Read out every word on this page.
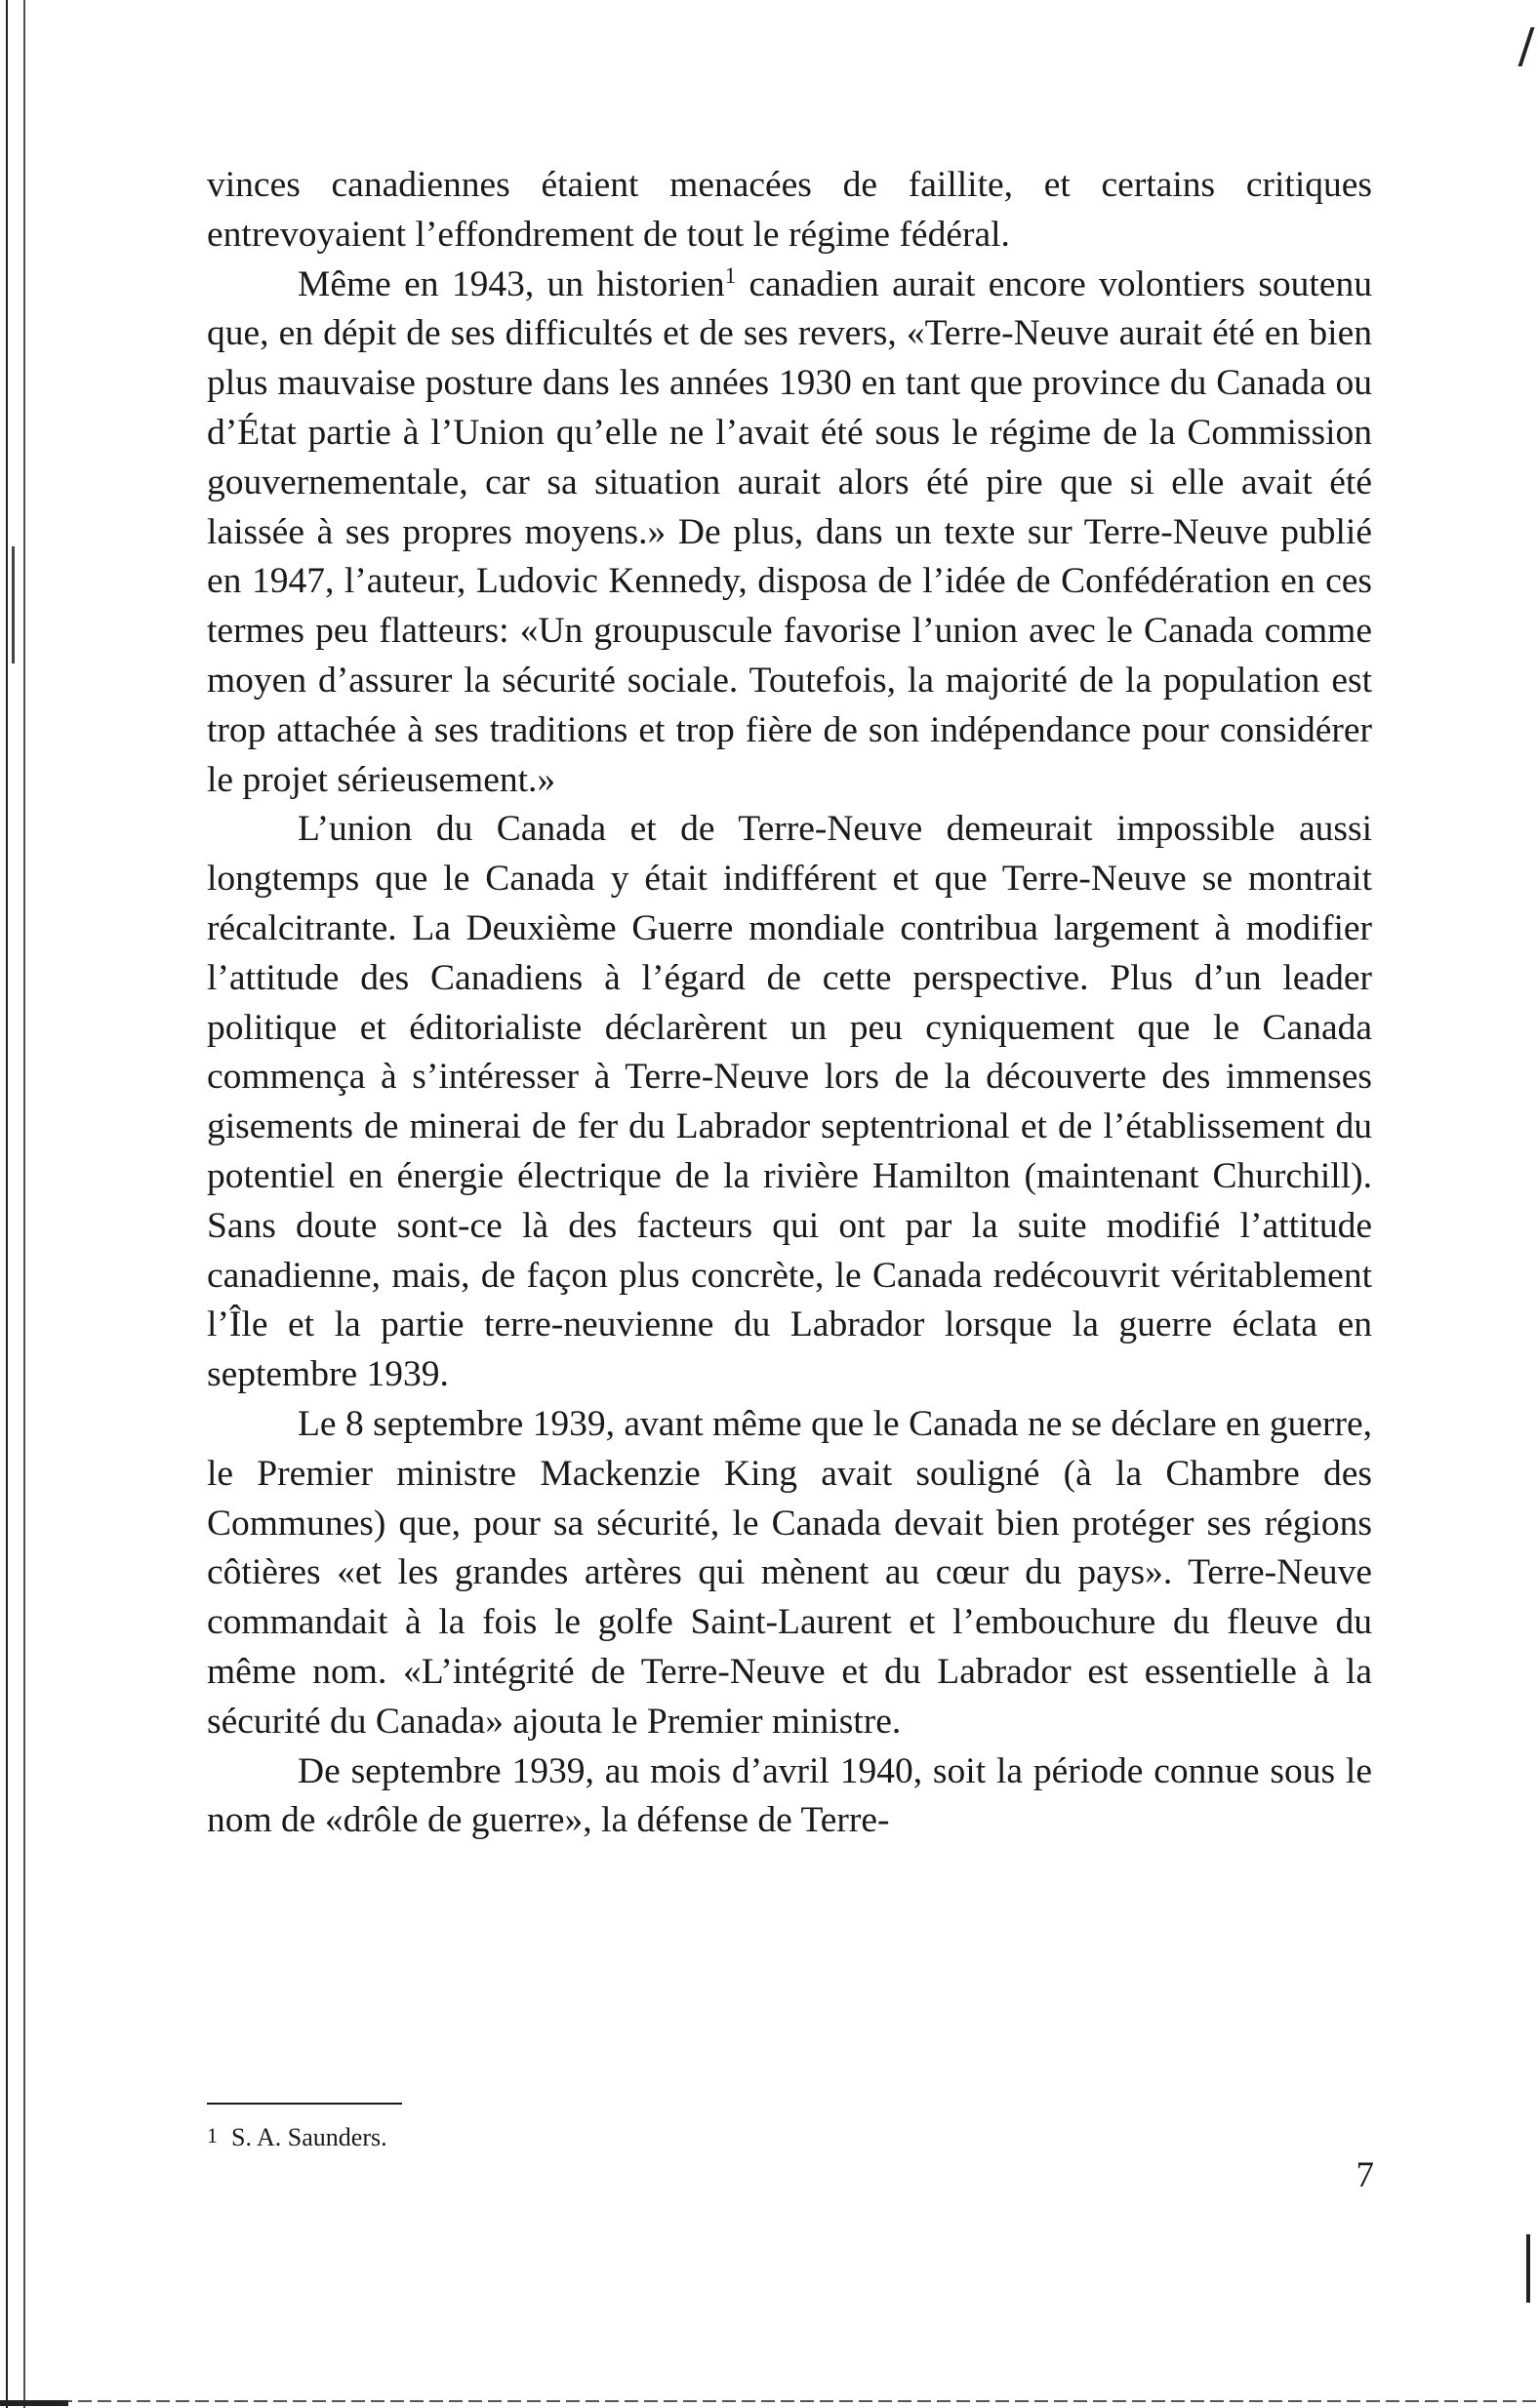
vinces canadiennes étaient menacées de faillite, et certains critiques entrevoyaient l’effondrement de tout le régime fédéral.

Même en 1943, un historien$^1$ canadien aurait encore volontiers soutenu que, en dépit de ses difficultés et de ses revers, «Terre-Neuve aurait été en bien plus mauvaise posture dans les années 1930 en tant que province du Canada ou d’État partie à l’Union qu’elle ne l’avait été sous le régime de la Commission gouvernementale, car sa situation aurait alors été pire que si elle avait été laissée à ses propres moyens.» De plus, dans un texte sur Terre-Neuve publié en 1947, l’auteur, Ludovic Kennedy, disposa de l’idée de Confédération en ces termes peu flatteurs: «Un groupuscule favorise l’union avec le Canada comme moyen d’assurer la sécurité sociale. Toutefois, la majorité de la population est trop attachée à ses traditions et trop fière de son indépendance pour considérer le projet sérieusement.»

L’union du Canada et de Terre-Neuve demeurait impossible aussi longtemps que le Canada y était indifférent et que Terre-Neuve se montrait récalcitrante. La Deuxième Guerre mondiale contribua largement à modifier l’attitude des Canadiens à l’égard de cette perspective. Plus d’un leader politique et éditorialiste déclarèrent un peu cyniquement que le Canada commença à s’intéresser à Terre-Neuve lors de la découverte des immenses gisements de minerai de fer du Labrador septentrional et de l’établissement du potentiel en énergie électrique de la rivière Hamilton (maintenant Churchill). Sans doute sont-ce là des facteurs qui ont par la suite modifié l’attitude canadienne, mais, de façon plus concrète, le Canada redécouvrit véritablement l’Île et la partie terre-neuvienne du Labrador lorsque la guerre éclata en septembre 1939.

Le 8 septembre 1939, avant même que le Canada ne se déclare en guerre, le Premier ministre Mackenzie King avait souligné (à la Chambre des Communes) que, pour sa sécurité, le Canada devait bien protéger ses régions côtières «et les grandes artères qui mènent au cœur du pays». Terre-Neuve commandait à la fois le golfe Saint-Laurent et l’embouchure du fleuve du même nom. «L’intégrité de Terre-Neuve et du Labrador est essentielle à la sécurité du Canada» ajouta le Premier ministre.

De septembre 1939, au mois d’avril 1940, soit la période connue sous le nom de «drôle de guerre», la défense de Terre-

1 S. A. Saunders.
7
